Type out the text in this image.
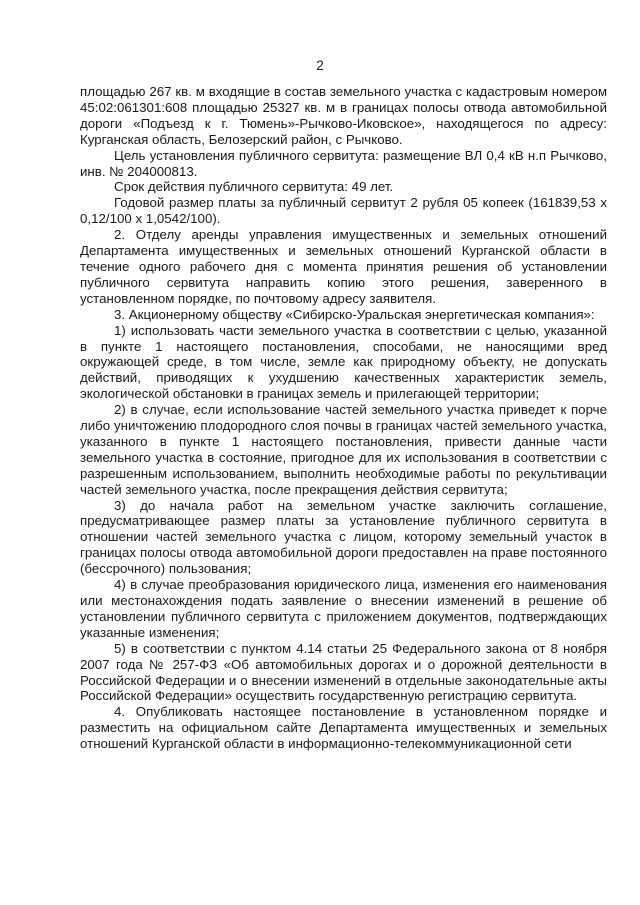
2

площадью 267 кв. м входящие в состав земельного участка с кадастровым номером 45:02:061301:608 площадью 25327 кв. м в границах полосы отвода автомобильной дороги «Подъезд к г. Тюмень»-Рычково-Иковское», находящегося по адресу: Курганская область, Белозерский район, с Рычково.

Цель установления публичного сервитута: размещение ВЛ 0,4 кВ н.п Рычково, инв. № 204000813.

Срок действия публичного сервитута: 49 лет.

Годовой размер платы за публичный сервитут 2 рубля 05 копеек (161839,53 х 0,12/100 х 1,0542/100).

2. Отделу аренды управления имущественных и земельных отношений Департамента имущественных и земельных отношений Курганской области в течение одного рабочего дня с момента принятия решения об установлении публичного сервитута направить копию этого решения, заверенного в установленном порядке, по почтовому адресу заявителя.

3. Акционерному обществу «Сибирско-Уральская энергетическая компания»:

1) использовать части земельного участка в соответствии с целью, указанной в пункте 1 настоящего постановления, способами, не наносящими вред окружающей среде, в том числе, земле как природному объекту, не допускать действий, приводящих к ухудшению качественных характеристик земель, экологической обстановки в границах земель и прилегающей территории;

2) в случае, если использование частей земельного участка приведет к порче либо уничтожению плодородного слоя почвы в границах частей земельного участка, указанного в пункте 1 настоящего постановления, привести данные части земельного участка в состояние, пригодное для их использования в соответствии с разрешенным использованием, выполнить необходимые работы по рекультивации частей земельного участка, после прекращения действия сервитута;

3) до начала работ на земельном участке заключить соглашение, предусматривающее размер платы за установление публичного сервитута в отношении частей земельного участка с лицом, которому земельный участок в границах полосы отвода автомобильной дороги предоставлен на праве постоянного (бессрочного) пользования;

4) в случае преобразования юридического лица, изменения его наименования или местонахождения подать заявление о внесении изменений в решение об установлении публичного сервитута с приложением документов, подтверждающих указанные изменения;

5) в соответствии с пунктом 4.14 статьи 25 Федерального закона от 8 ноября 2007 года № 257-ФЗ «Об автомобильных дорогах и о дорожной деятельности в Российской Федерации и о внесении изменений в отдельные законодательные акты Российской Федерации» осуществить государственную регистрацию сервитута.

4. Опубликовать настоящее постановление в установленном порядке и разместить на официальном сайте Департамента имущественных и земельных отношений Курганской области в информационно-телекоммуникационной сети
